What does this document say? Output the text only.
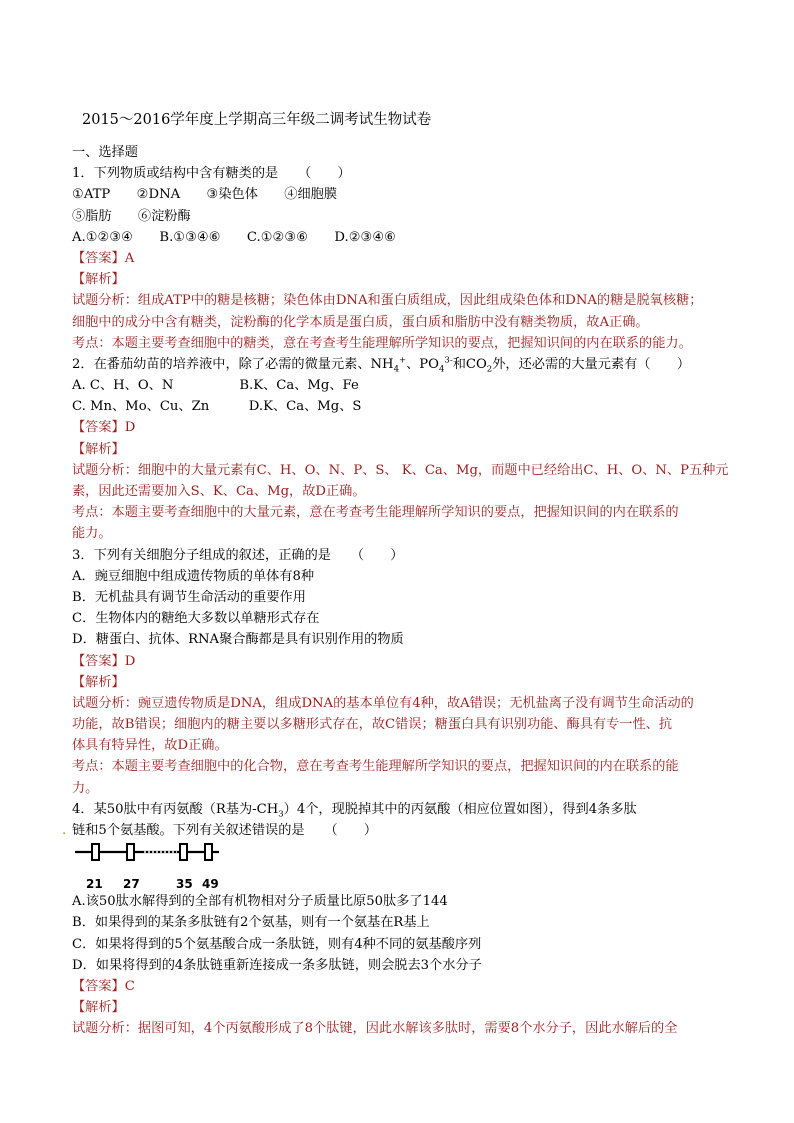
2015～2016学年度上学期高三年级二调考试生物试卷
一、选择题
1．下列物质或结构中含有糖类的是　　（　　）
①ATP　　②DNA　　③染色体　　④细胞膜
⑤脂肪　　⑥淀粉酶
A.①②③④　　B.①③④⑥　　C.①②③⑥　　D.②③④⑥
【答案】A
【解析】
试题分析：组成ATP中的糖是核糖；染色体由DNA和蛋白质组成，因此组成染色体和DNA的糖是脱氧核糖；
细胞中的成分中含有糖类，淀粉酶的化学本质是蛋白质，蛋白质和脂肪中没有糖类物质，故A正确。
考点：本题主要考查细胞中的糖类，意在考查考生能理解所学知识的要点，把握知识间的内在联系的能力。
2．在番茄幼苗的培养液中，除了必需的微量元素、$NH_4^+$、$PO_4^{3-}$和$CO_2$外，还必需的大量元素有（　　）
A. C、H、O、N　　　　　B.K、Ca、Mg、Fe
C. Mn、Mo、Cu、Zn　　　D.K、Ca、Mg、S
【答案】D
【解析】
试题分析：细胞中的大量元素有C、H、O、N、P、S、 K、Ca、Mg，而题中已经给出C、H、O、N、P五种元
素，因此还需要加入S、K、Ca、Mg，故D正确。
考点：本题主要考查细胞中的大量元素，意在考查考生能理解所学知识的要点，把握知识间的内在联系的
能力。
3．下列有关细胞分子组成的叙述，正确的是　　（　　）
A．豌豆细胞中组成遗传物质的单体有8种
B．无机盐具有调节生命活动的重要作用
C．生物体内的糖绝大多数以单糖形式存在
D．糖蛋白、抗体、RNA聚合酶都是具有识别作用的物质
【答案】D
【解析】
试题分析：豌豆遗传物质是DNA，组成DNA的基本单位有4种，故A错误；无机盐离子没有调节生命活动的
功能，故B错误；细胞内的糖主要以多糖形式存在，故C错误；糖蛋白具有识别功能、酶具有专一性、抗
体具有特异性，故D正确。
考点：本题主要考查细胞中的化合物，意在考查考生能理解所学知识的要点，把握知识间的内在联系的能
力。
4．某50肽中有丙氨酸（R基为$-CH_3)4$个，现脱掉其中的丙氨酸（相应位置如图），得到4条多肽
. 链和5个氨基酸。下列有关叙述错误的是　　（　　）
21 27	35 49
A.该50肽水解得到的全部有机物相对分子质量比原50肽多了144
B．如果得到的某条多肽链有2个氨基，则有一个氨基在R基上
C．如果将得到的5个氨基酸合成一条肽链，则有4种不同的氨基酸序列
D．如果将得到的4条肽链重新连接成一条多肽链，则会脱去3个水分子
【答案】C
【解析】
试题分析：据图可知，4个丙氨酸形成了8个肽键，因此水解该多肽时，需要8个水分子，因此水解后的全
